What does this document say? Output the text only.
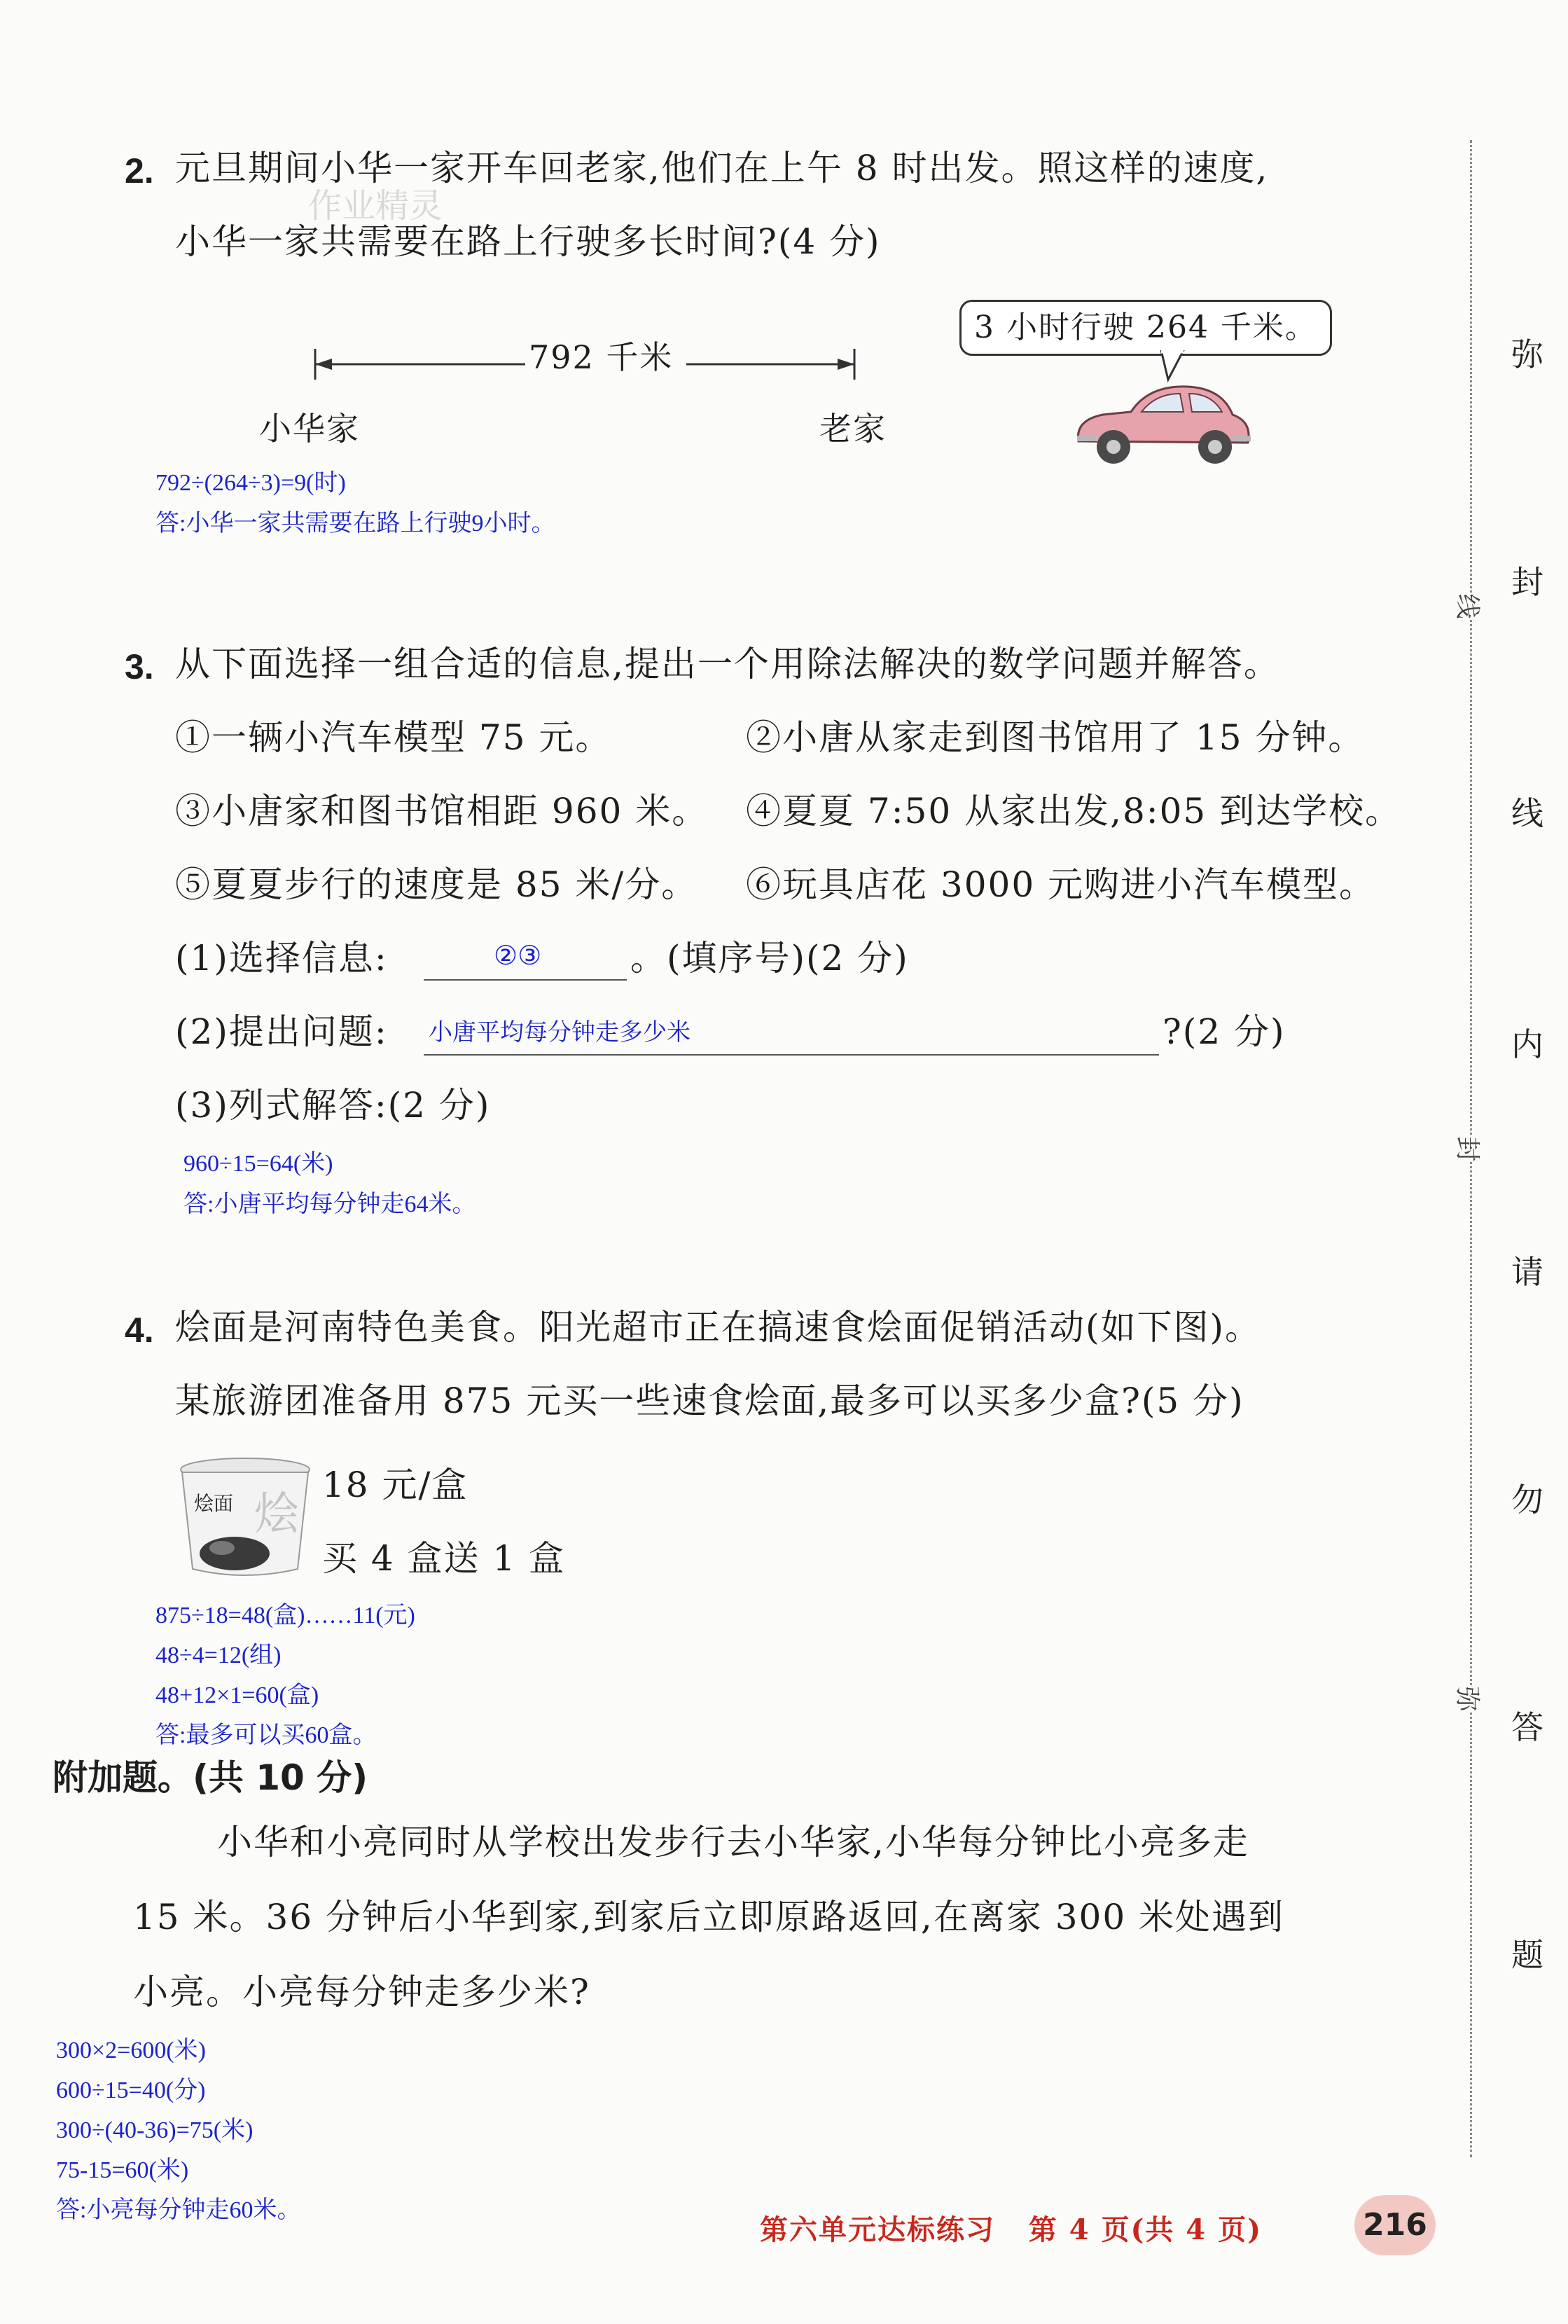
2. 元旦期间小华一家开车回老家,他们在上午 8 时出发。照这样的速度,
小华一家共需要在路上行驶多长时间?(4 分)
作业精灵
792 千米
小华家	老家
3 小时行驶 264 千米。
792÷(264÷3)=9(时)
答:小华一家共需要在路上行驶9小时。
3. 从下面选择一组合适的信息,提出一个用除法解决的数学问题并解答。
①一辆小汽车模型 75 元。	②小唐从家走到图书馆用了 15 分钟。
③小唐家和图书馆相距 960 米。 ④夏夏 7:50 从家出发,8:05 到达学校。
⑤夏夏步行的速度是 85 米/分。 ⑥玩具店花 3000 元购进小汽车模型。
(1)选择信息:	②③	。(填序号)(2 分)
(2)提出问题: 小唐平均每分钟走多少米	?(2 分)
(3)列式解答:(2 分)
960÷15=64(米)
答:小唐平均每分钟走64米。
4. 烩面是河南特色美食。阳光超市正在搞速食烩面促销活动(如下图)。
某旅游团准备用 875 元买一些速食烩面,最多可以买多少盒?(5 分)
烩面 烩
18 元/盒
买 4 盒送 1 盒
875÷18=48(盒)……11(元)
48÷4=12(组)
48+12×1=60(盒)
答:最多可以买60盒。
附加题。(共 10 分)
小华和小亮同时从学校出发步行去小华家,小华每分钟比小亮多走
15 米。36 分钟后小华到家,到家后立即原路返回,在离家 300 米处遇到
小亮。小亮每分钟走多少米?
300×2=600(米)
600÷15=40(分)
300÷(40-36)=75(米)
75-15=60(米)
答:小亮每分钟走60米。
线
封
弥
弥
封
线
内
请
勿
答
题
第六单元达标练习   第 4 页(共 4 页)	216
